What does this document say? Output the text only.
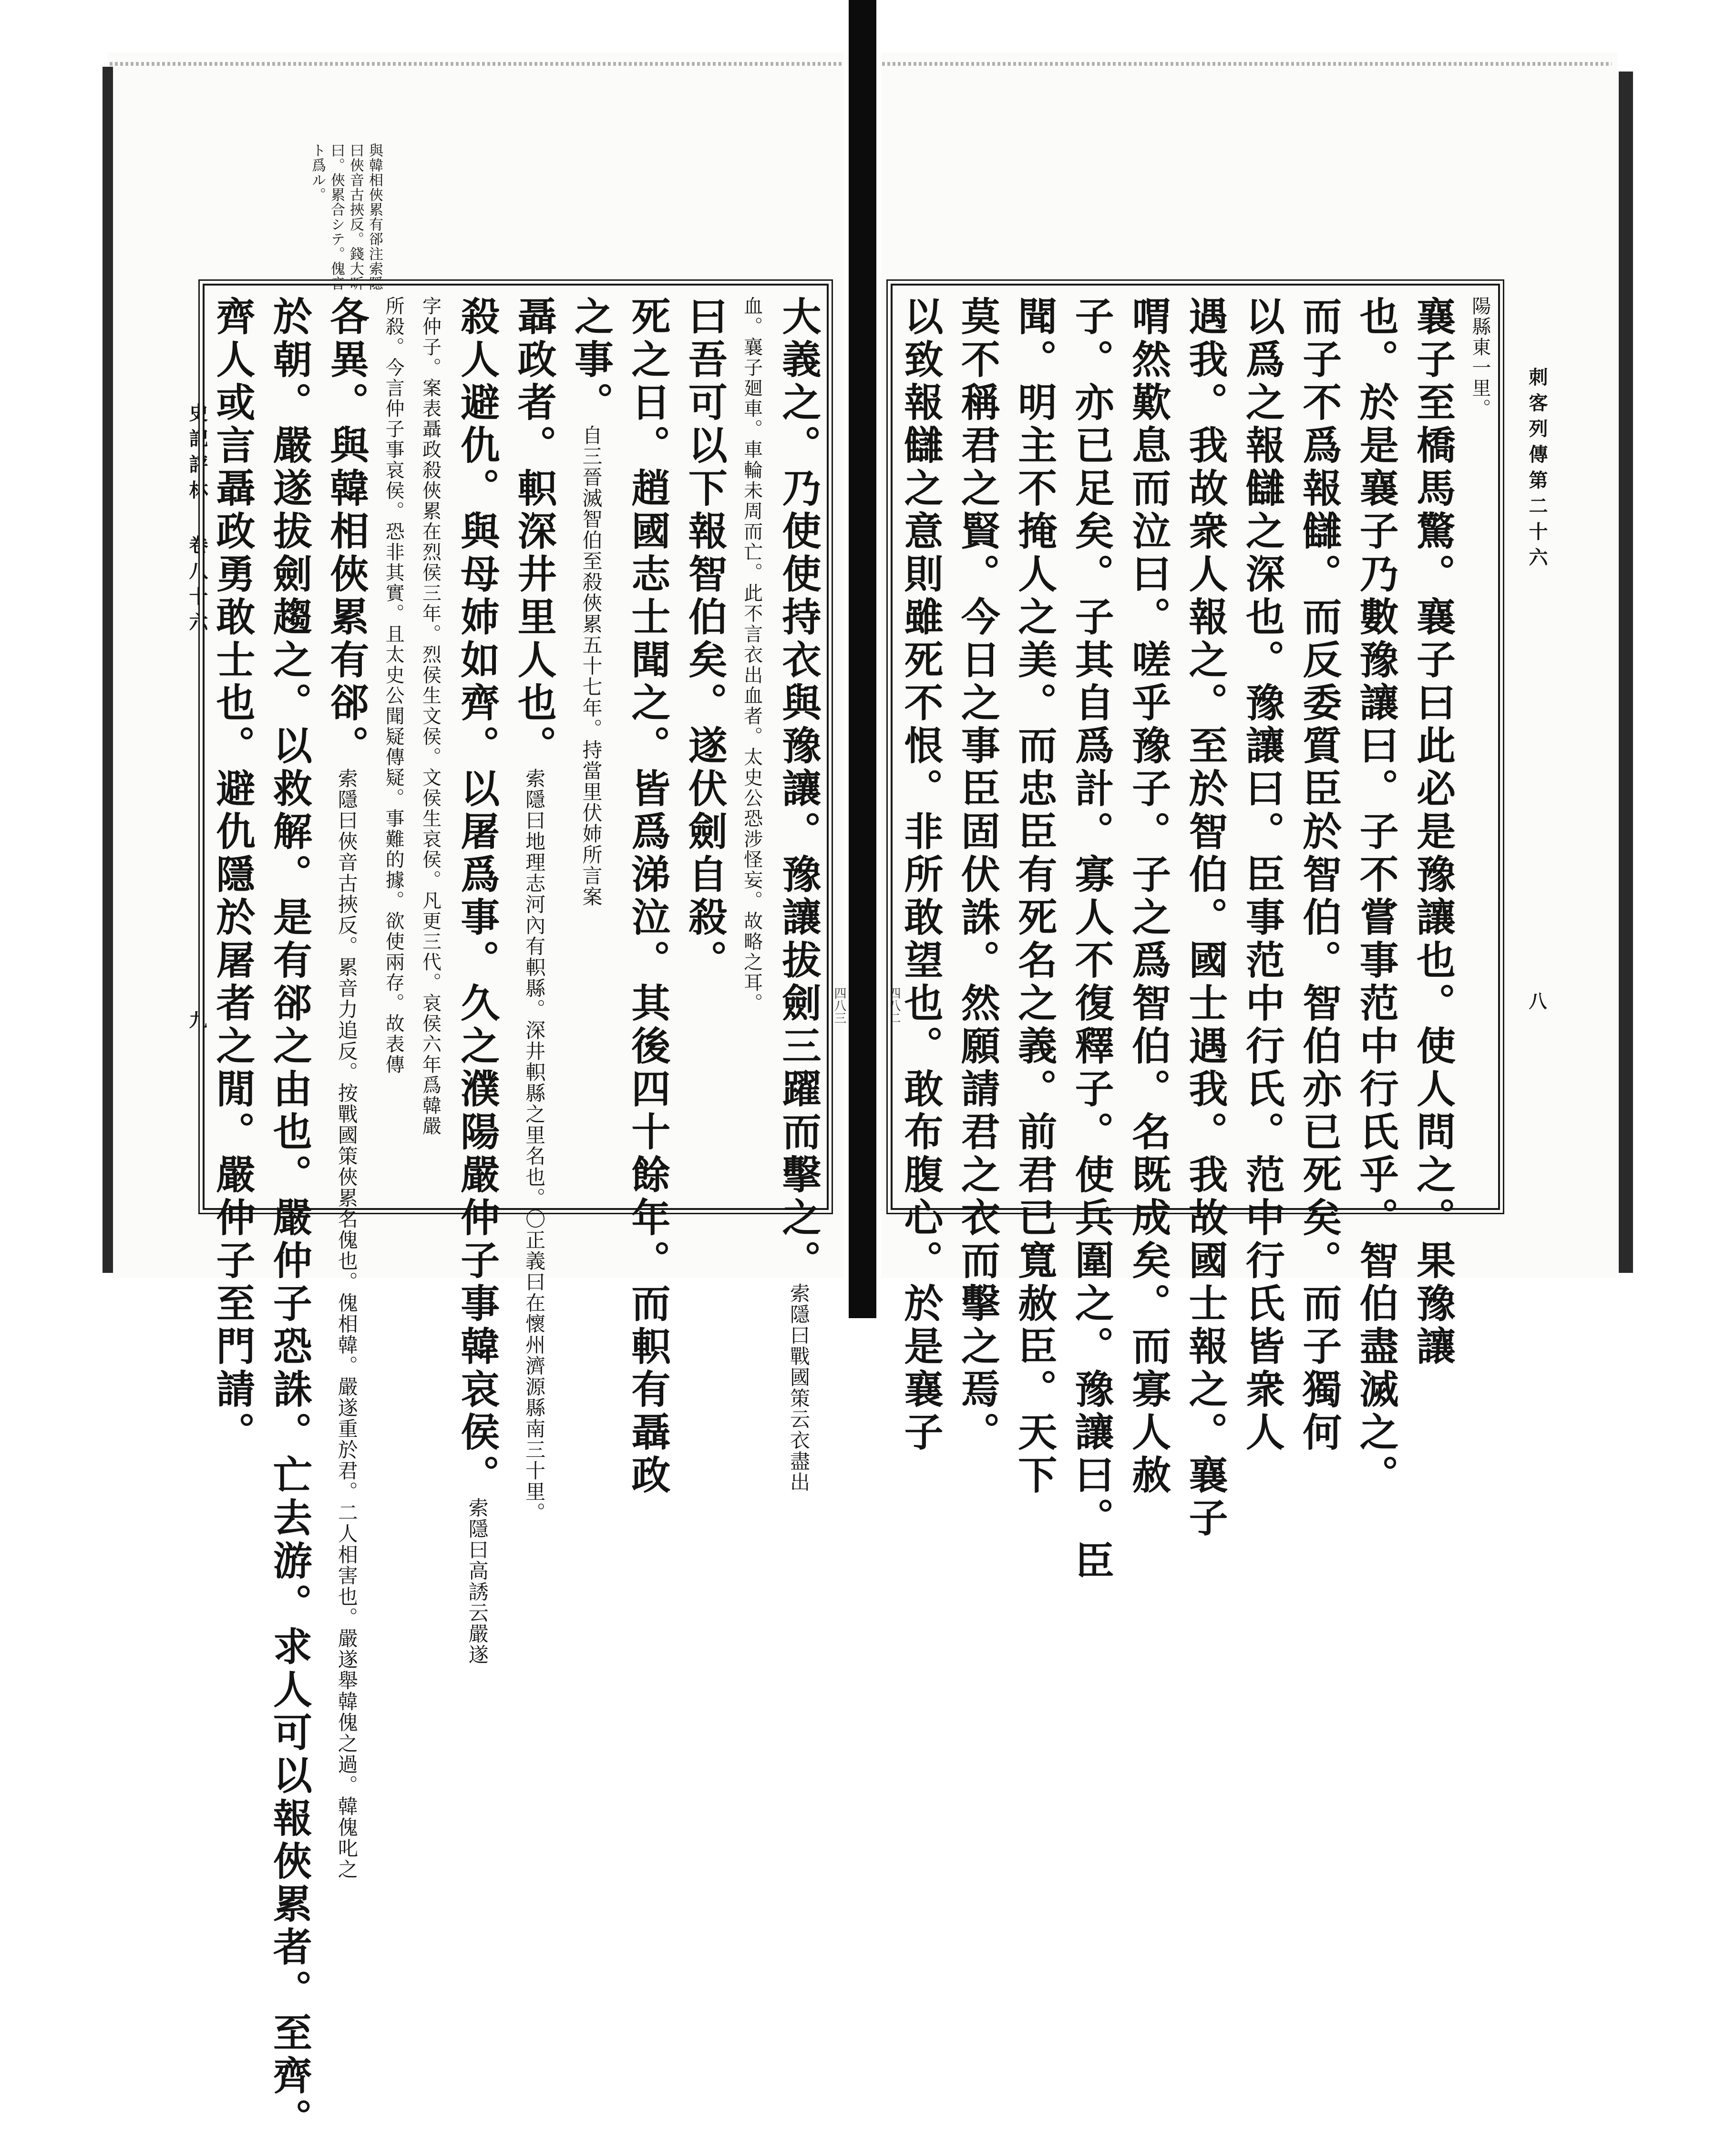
刺客列傳第二十六
八
四八二
史記評林 卷八十六
九	四八三
與韓相俠累有郤注索隱
曰俠音古挾反。錢大昕
曰。俠累合シテ。傀音
ト爲ル。
陽縣東一里。
襄子至橋馬驚。襄子曰此必是豫讓也。使人問之。果豫讓
也。於是襄子乃數豫讓曰。子不嘗事范中行氏乎。智伯盡滅之。
而子不爲報讎。而反委質臣於智伯。智伯亦已死矣。而子獨何
以爲之報讎之深也。豫讓曰。臣事范中行氏。范中行氏皆衆人
遇我。我故衆人報之。至於智伯。國士遇我。我故國士報之。襄子
喟然歎息而泣曰。嗟乎豫子。子之爲智伯。名既成矣。而寡人赦
子。亦已足矣。子其自爲計。寡人不復釋子。使兵圍之。豫讓曰。臣
聞。明主不掩人之美。而忠臣有死名之義。前君已寬赦臣。天下
莫不稱君之賢。今日之事臣固伏誅。然願請君之衣而擊之焉。
以致報讎之意則雖死不恨。非所敢望也。敢布腹心。於是襄子
大義之。乃使使持衣與豫讓。豫讓拔劍三躍而擊之。索隱曰戰國策云衣盡出
血。襄子廻車。車輪未周而亡。此不言衣出血者。太史公恐涉怪妄。故略之耳。
曰吾可以下報智伯矣。遂伏劍自殺。
死之日。趙國志士聞之。皆爲涕泣。其後四十餘年。而軹有聶政
之事。自三晉滅智伯至殺俠累五十七年。持當里伏姉所言案
聶政者。軹深井里人也。索隱曰地理志河內有軹縣。深井軹縣之里名也。〇正義曰在懷州濟源縣南三十里。
殺人避仇。與母姉如齊。以屠爲事。久之濮陽嚴仲子事韓哀侯。索隱曰高誘云嚴遂
字仲子。案表聶政殺俠累在烈侯三年。烈侯生文侯。文侯生哀侯。凡更三代。哀侯六年爲韓嚴
所殺。今言仲子事哀侯。恐非其實。且太史公聞疑傳疑。事難的據。欲使兩存。故表傳
各異。與韓相俠累有郤。索隱曰俠音古挾反。累音力追反。按戰國策俠累名傀也。傀相韓。嚴遂重於君。二人相害也。嚴遂舉韓傀之過。韓傀叱之
於朝。嚴遂拔劍趨之。以救解。是有郤之由也。嚴仲子恐誅。亡去游。求人可以報俠累者。至齊。
齊人或言聶政勇敢士也。避仇隱於屠者之閒。嚴仲子至門請。
